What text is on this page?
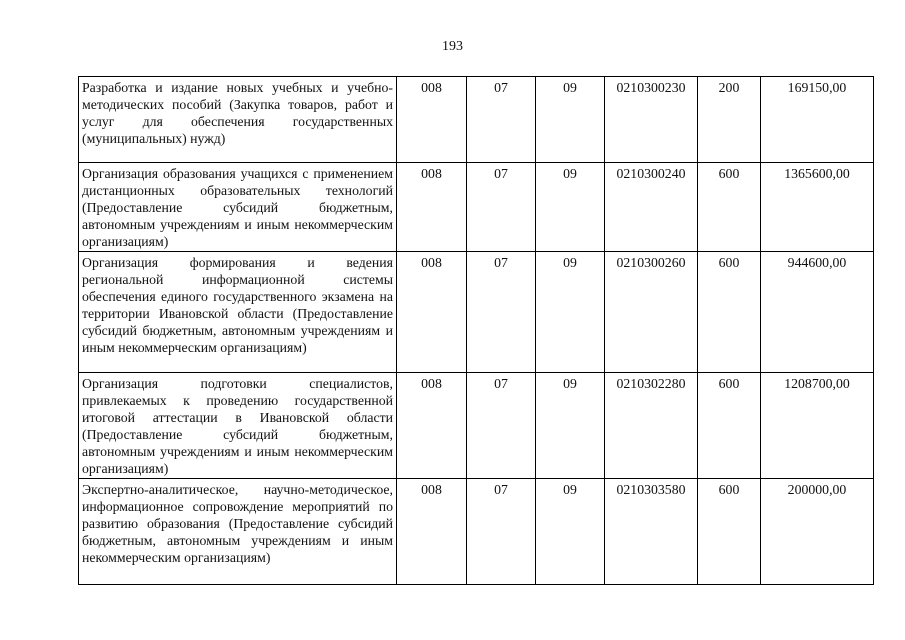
193
Разработка и издание новых учебных и учебно-методических пособий (Закупка товаров, работ и услуг для обеспечения государственных (муниципальных) нужд)	008	07	09	0210300230	200	169150,00
Организация образования учащихся с применением дистанционных образовательных технологий (Предоставление субсидий бюджетным, автономным учреждениям и иным некоммерческим организациям)	008	07	09	0210300240	600	1365600,00
Организация формирования и ведения региональной информационной системы обеспечения единого государственного экзамена на территории Ивановской области (Предоставление субсидий бюджетным, автономным учреждениям и иным некоммерческим организациям)	008	07	09	0210300260	600	944600,00
Организация подготовки специалистов, привлекаемых к проведению государственной итоговой аттестации в Ивановской области (Предоставление субсидий бюджетным, автономным учреждениям и иным некоммерческим организациям)	008	07	09	0210302280	600	1208700,00
Экспертно-аналитическое, научно-методическое, информационное сопровождение мероприятий по развитию образования (Предоставление субсидий бюджетным, автономным учреждениям и иным некоммерческим организациям)	008	07	09	0210303580	600	200000,00
